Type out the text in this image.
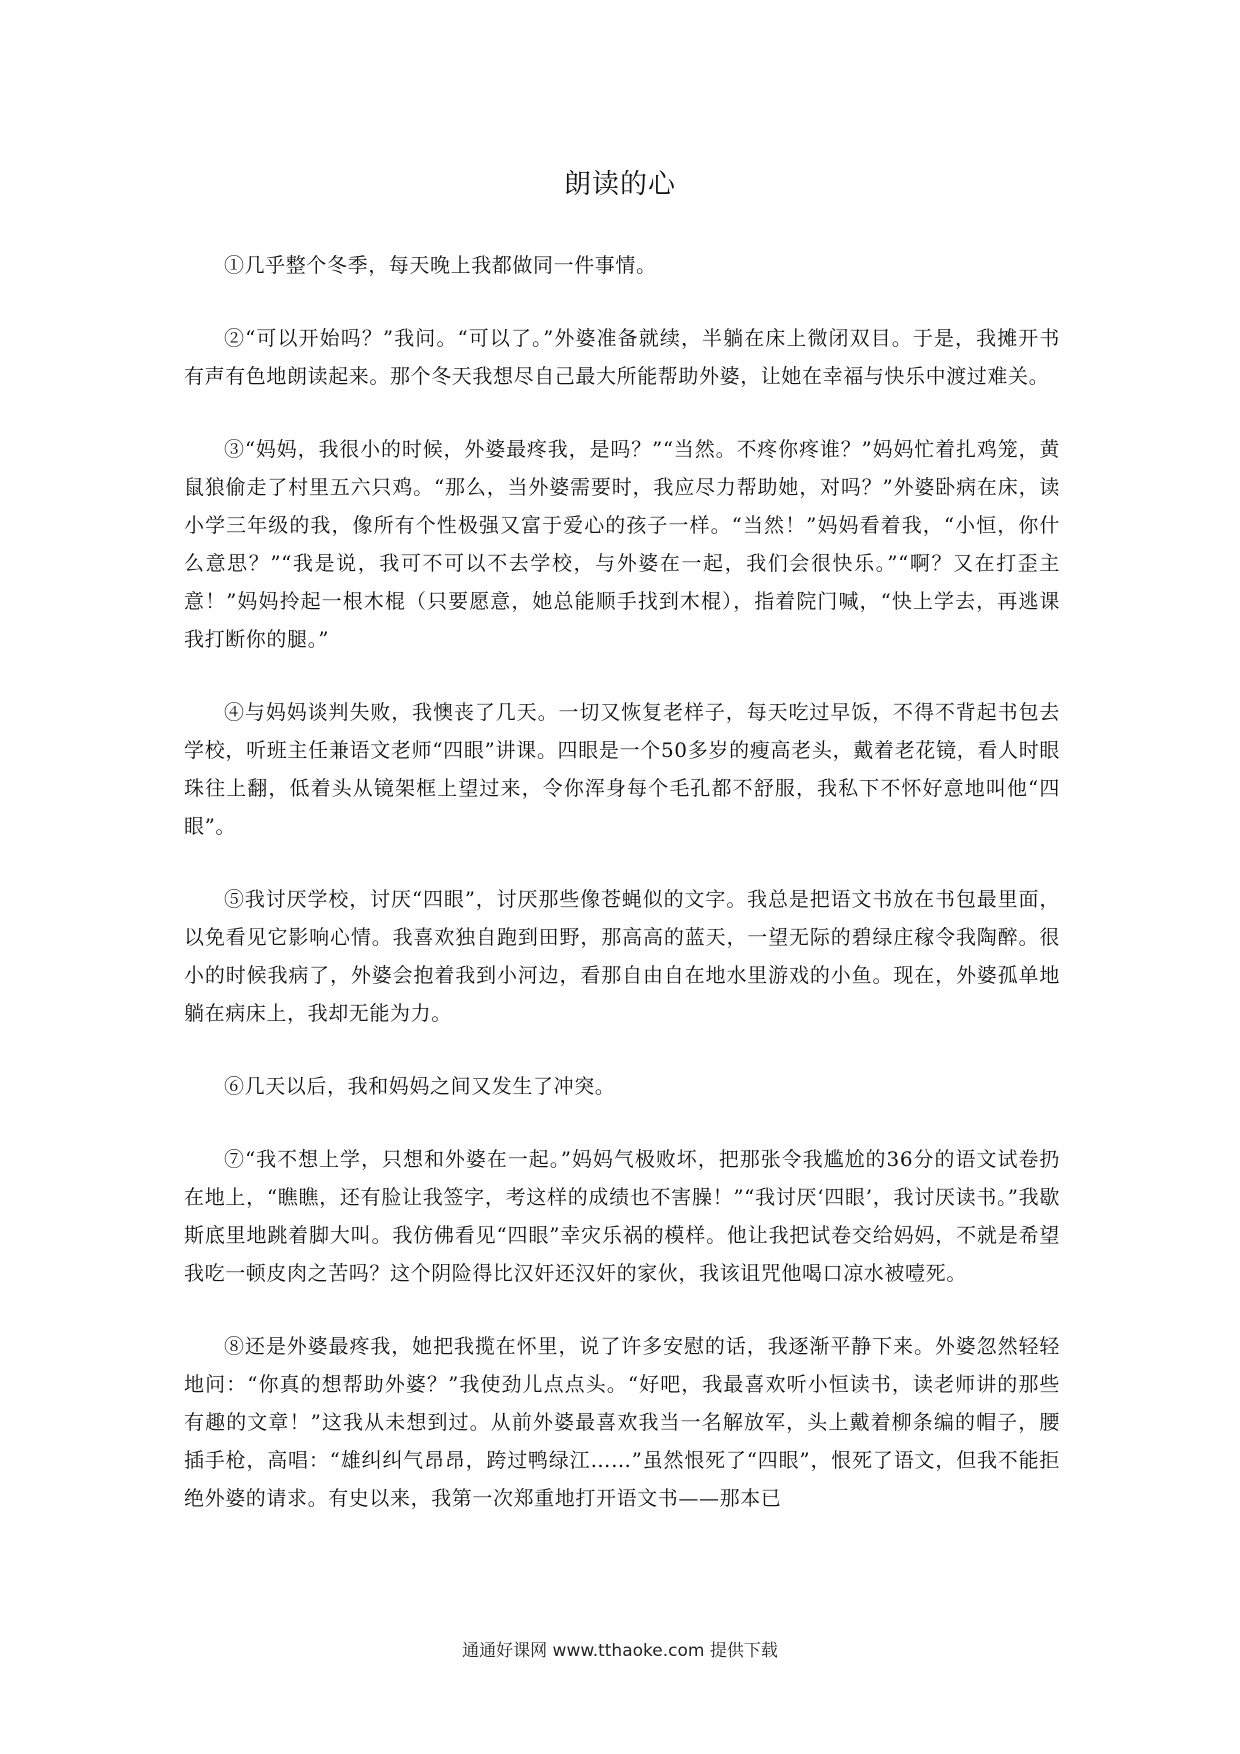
朗读的心

①几乎整个冬季，每天晚上我都做同一件事情。

②“可以开始吗？”我问。“可以了。”外婆准备就续，半躺在床上微闭双目。于是，我摊开书有声有色地朗读起来。那个冬天我想尽自己最大所能帮助外婆，让她在幸福与快乐中渡过难关。

③“妈妈，我很小的时候，外婆最疼我，是吗？”“当然。不疼你疼谁？”妈妈忙着扎鸡笼，黄鼠狼偷走了村里五六只鸡。“那么，当外婆需要时，我应尽力帮助她，对吗？”外婆卧病在床，读小学三年级的我，像所有个性极强又富于爱心的孩子一样。“当然！”妈妈看着我，“小恒，你什么意思？”“我是说，我可不可以不去学校，与外婆在一起，我们会很快乐。”“啊？又在打歪主意！”妈妈拎起一根木棍（只要愿意，她总能顺手找到木棍），指着院门喊，“快上学去，再逃课我打断你的腿。”

④与妈妈谈判失败，我懊丧了几天。一切又恢复老样子，每天吃过早饭，不得不背起书包去学校，听班主任兼语文老师“四眼”讲课。四眼是一个50多岁的瘦高老头，戴着老花镜，看人时眼珠往上翻，低着头从镜架框上望过来，令你浑身每个毛孔都不舒服，我私下不怀好意地叫他“四眼”。

⑤我讨厌学校，讨厌“四眼”，讨厌那些像苍蝇似的文字。我总是把语文书放在书包最里面，以免看见它影响心情。我喜欢独自跑到田野，那高高的蓝天，一望无际的碧绿庄稼令我陶醉。很小的时候我病了，外婆会抱着我到小河边，看那自由自在地水里游戏的小鱼。现在，外婆孤单地躺在病床上，我却无能为力。

⑥几天以后，我和妈妈之间又发生了冲突。

⑦“我不想上学，只想和外婆在一起。”妈妈气极败坏，把那张令我尴尬的36分的语文试卷扔在地上，“瞧瞧，还有脸让我签字，考这样的成绩也不害臊！”“我讨厌‘四眼’，我讨厌读书。”我歇斯底里地跳着脚大叫。我仿佛看见“四眼”幸灾乐祸的模样。他让我把试卷交给妈妈，不就是希望我吃一顿皮肉之苦吗？这个阴险得比汉奸还汉奸的家伙，我该诅咒他喝口凉水被噎死。

⑧还是外婆最疼我，她把我揽在怀里，说了许多安慰的话，我逐渐平静下来。外婆忽然轻轻地问：“你真的想帮助外婆？”我使劲儿点点头。“好吧，我最喜欢听小恒读书，读老师讲的那些有趣的文章！”这我从未想到过。从前外婆最喜欢我当一名解放军，头上戴着柳条编的帽子，腰插手枪，高唱：“雄纠纠气昂昂，跨过鸭绿江……”虽然恨死了“四眼”，恨死了语文，但我不能拒绝外婆的请求。有史以来，我第一次郑重地打开语文书——那本已

通通好课网 www.tthaoke.com 提供下载
